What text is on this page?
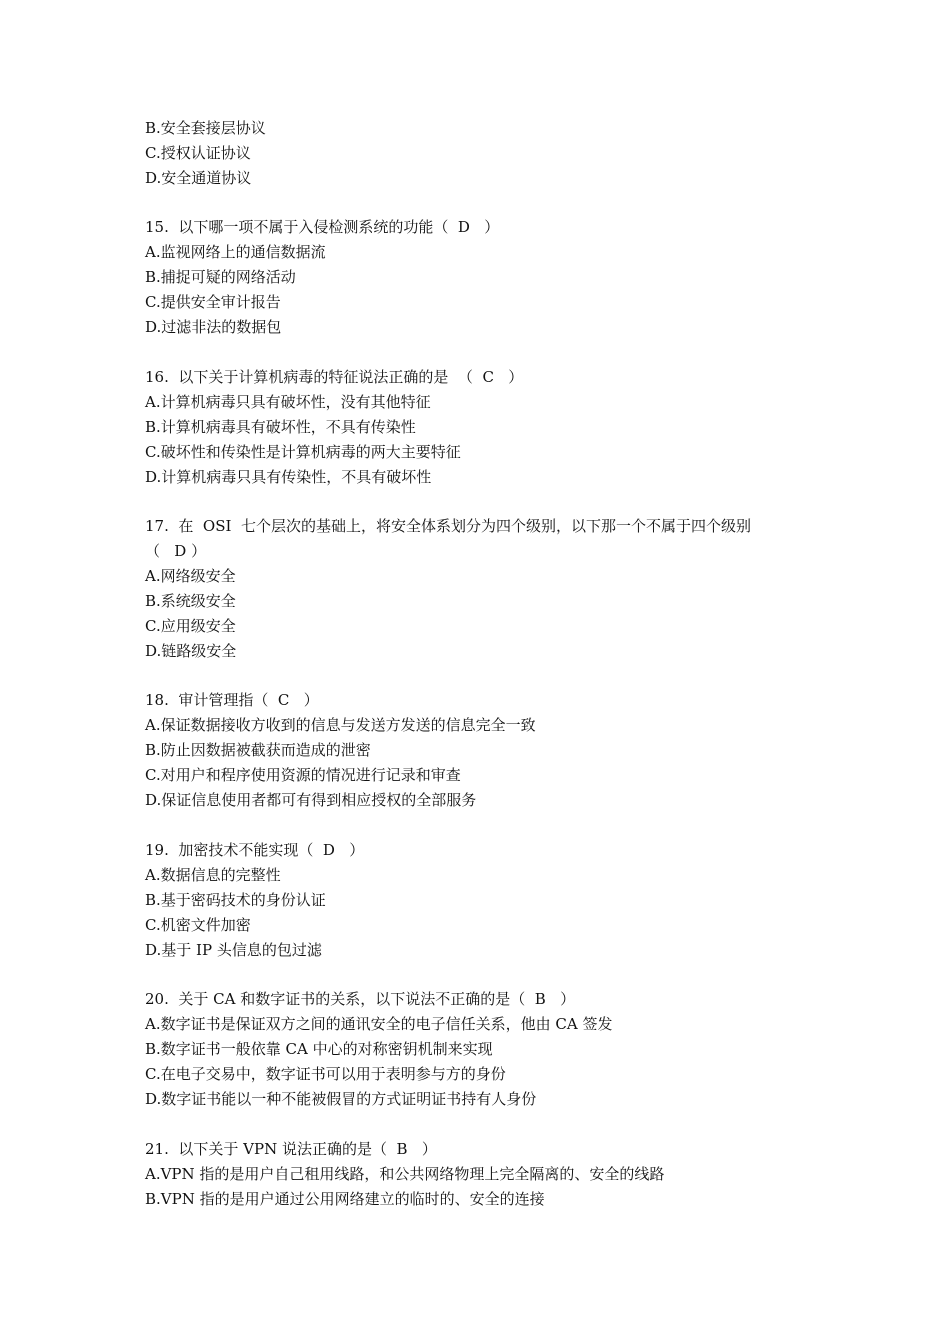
B.安全套接层协议
C.授权认证协议
D.安全通道协议
15.  以下哪一项不属于入侵检测系统的功能（  D   ）
A.监视网络上的通信数据流
B.捕捉可疑的网络活动
C.提供安全审计报告
D.过滤非法的数据包
16.  以下关于计算机病毒的特征说法正确的是  （  C   ）
A.计算机病毒只具有破坏性，没有其他特征
B.计算机病毒具有破坏性，不具有传染性
C.破坏性和传染性是计算机病毒的两大主要特征
D.计算机病毒只具有传染性，不具有破坏性
17.  在  OSI  七个层次的基础上，将安全体系划分为四个级别，以下那一个不属于四个级别
（   D ）
A.网络级安全
B.系统级安全
C.应用级安全
D.链路级安全
18.  审计管理指（  C   ）
A.保证数据接收方收到的信息与发送方发送的信息完全一致
B.防止因数据被截获而造成的泄密
C.对用户和程序使用资源的情况进行记录和审查
D.保证信息使用者都可有得到相应授权的全部服务
19.  加密技术不能实现（  D   ）
A.数据信息的完整性
B.基于密码技术的身份认证
C.机密文件加密
D.基于 IP 头信息的包过滤
20.  关于 CA 和数字证书的关系，以下说法不正确的是（  B   ）
A.数字证书是保证双方之间的通讯安全的电子信任关系，他由 CA 签发
B.数字证书一般依靠 CA 中心的对称密钥机制来实现
C.在电子交易中，数字证书可以用于表明参与方的身份
D.数字证书能以一种不能被假冒的方式证明证书持有人身份
21.  以下关于 VPN 说法正确的是（  B   ）
A.VPN 指的是用户自己租用线路，和公共网络物理上完全隔离的、安全的线路
B.VPN 指的是用户通过公用网络建立的临时的、安全的连接
